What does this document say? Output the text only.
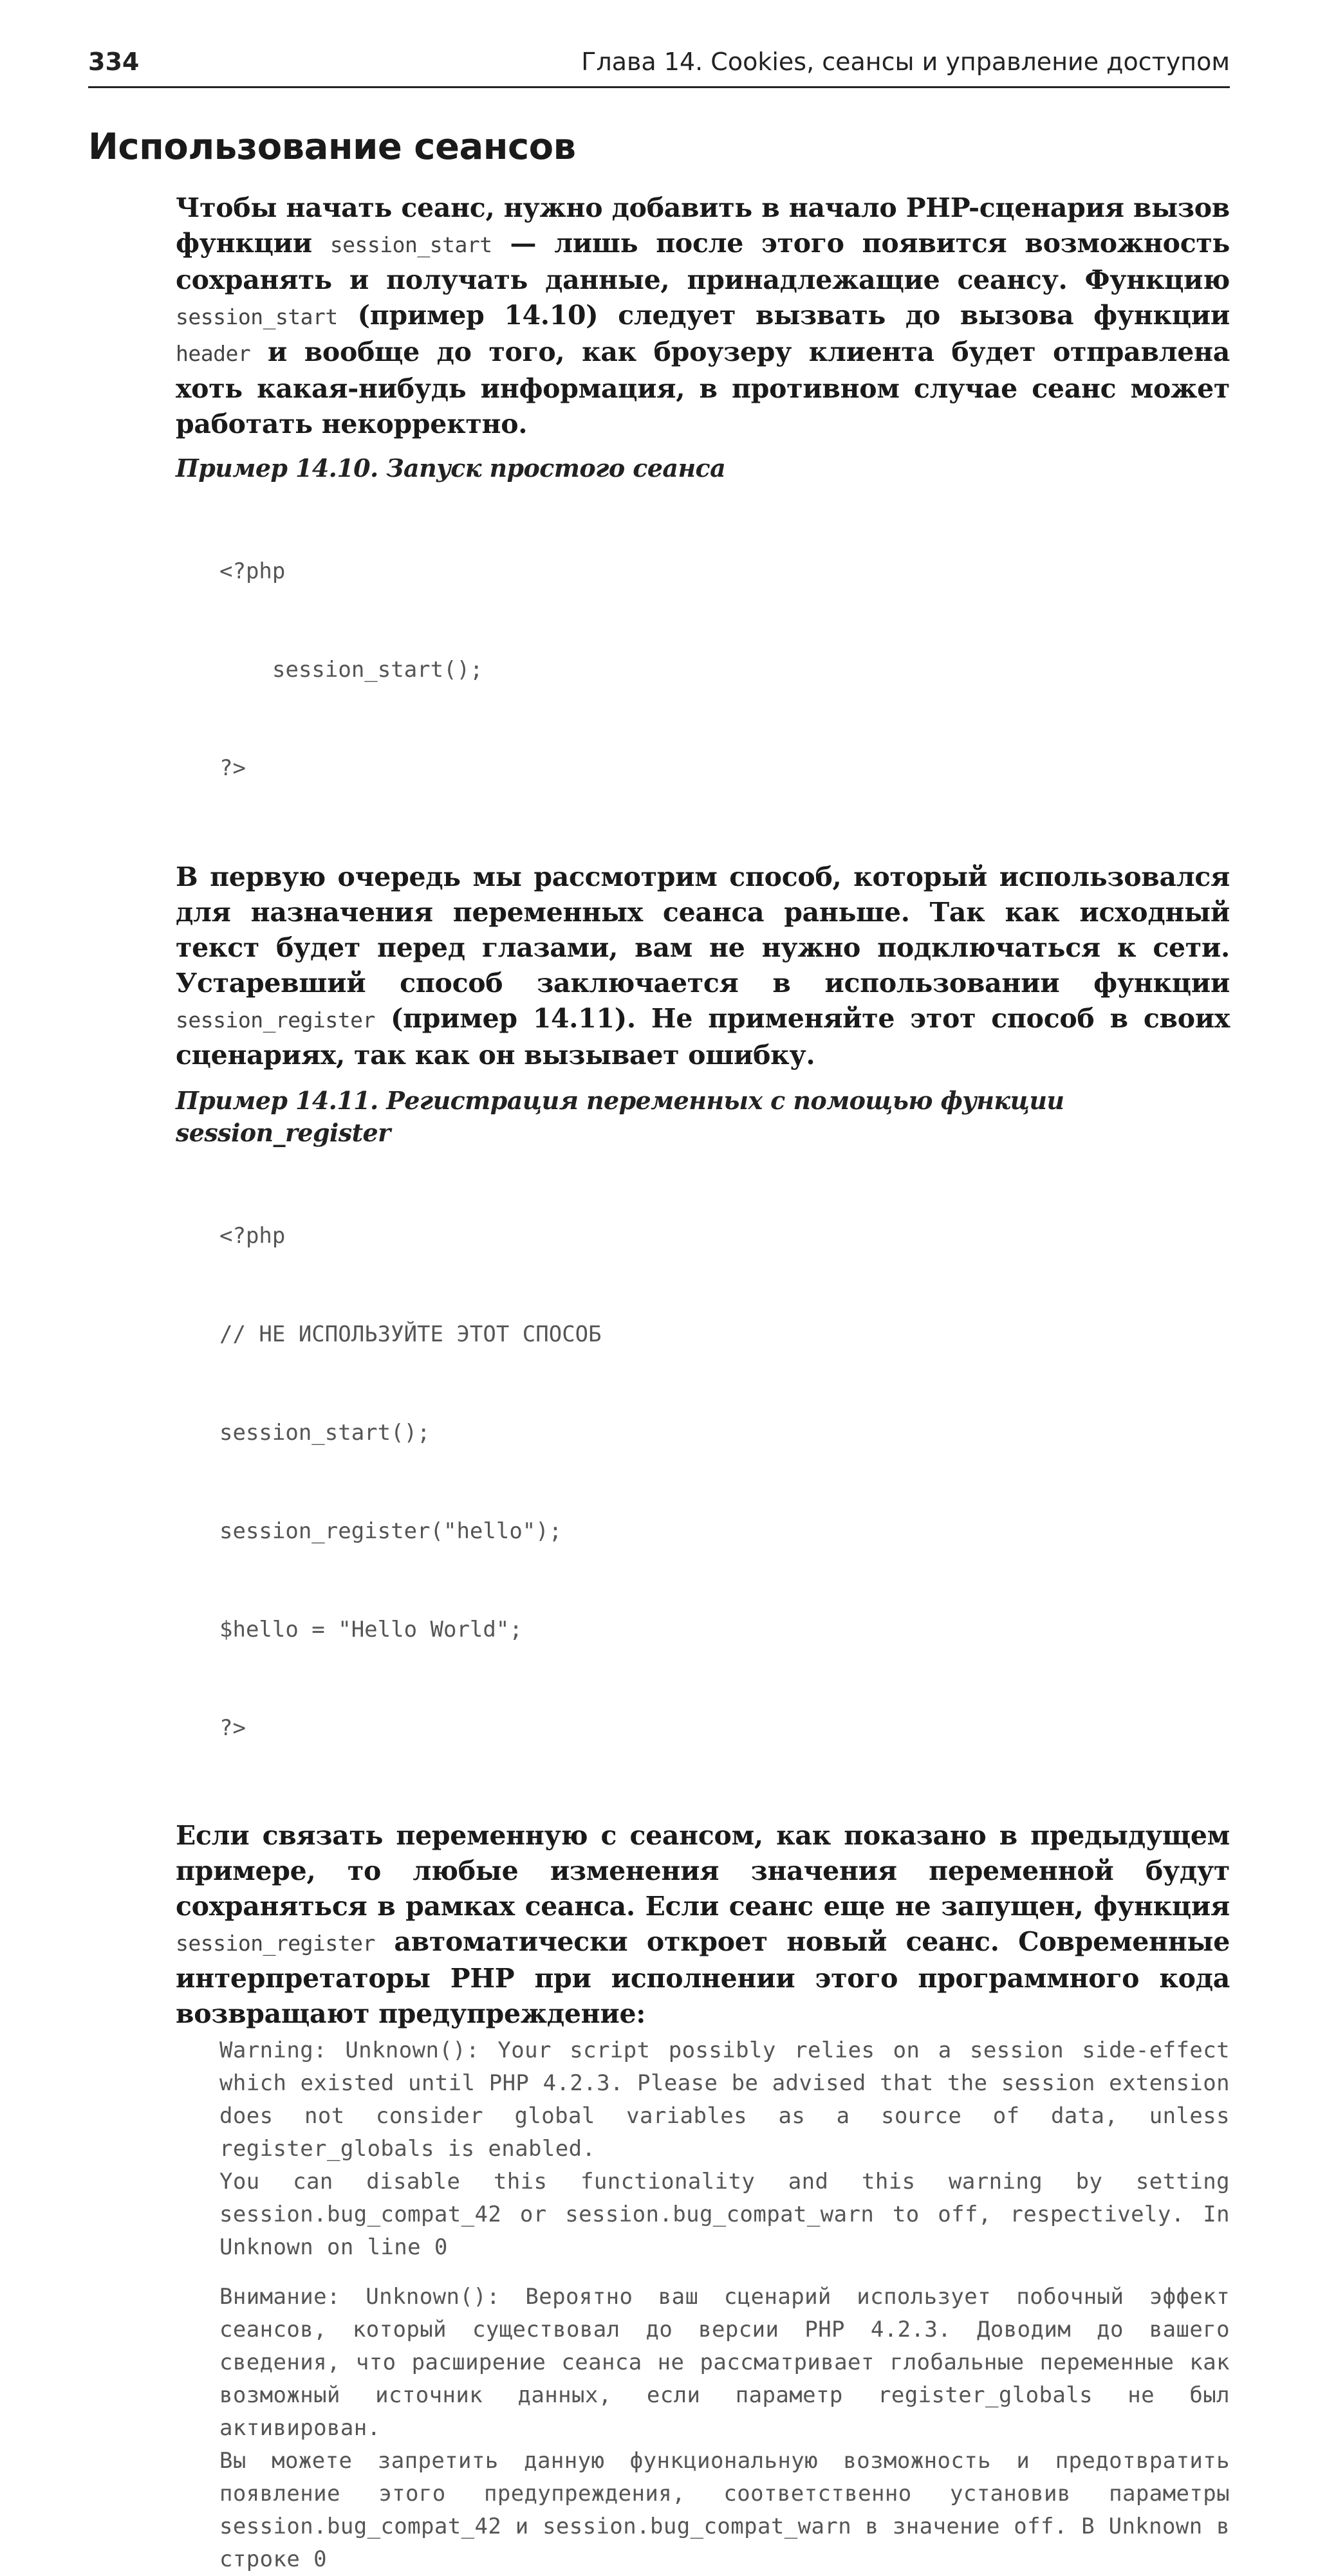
334	Глава 14. Cookies, сеансы и управление доступом
Использование сеансов

Чтобы начать сеанс, нужно добавить в начало PHP-сценария вызов функции session_start — лишь после этого появится возможность сохранять и получать данные, принадлежащие сеансу. Функцию session_start (пример 14.10) следует вызвать до вызова функции header и вообще до того, как броузеру клиента будет отправлена хоть какая-нибудь информация, в противном случае сеанс может работать некорректно.

Пример 14.10. Запуск простого сеанса

<?php

session_start();

?>

В первую очередь мы рассмотрим способ, который использовался для назначения переменных сеанса раньше. Так как исходный текст будет перед глазами, вам не нужно подключаться к сети. Устаревший способ заключается в использовании функции session_register (пример 14.11). Не применяйте этот способ в своих сценариях, так как он вызывает ошибку.

Пример 14.11. Регистрация переменных с помощью функции session_register

<?php

// НЕ ИСПОЛЬЗУЙТЕ ЭТОТ СПОСОБ

session_start();

session_register("hello");

$hello = "Hello World";

?>

Если связать переменную с сеансом, как показано в предыдущем примере, то любые изменения значения переменной будут сохраняться в рамках сеанса. Если сеанс еще не запущен, функция session_register автоматически откроет новый сеанс. Современные интерпретаторы PHP при исполнении этого программного кода возвращают предупреждение:

Warning: Unknown(): Your script possibly relies on a session side-effect which existed until PHP 4.2.3. Please be advised that the session extension does not consider global variables as a source of data, unless register_globals is enabled.
You can disable this functionality and this warning by setting session.bug_compat_42 or session.bug_compat_warn to off, respectively. In Unknown on line 0
Внимание: Unknown(): Вероятно ваш сценарий использует побочный эффект сеансов, который существовал до версии PHP 4.2.3. Доводим до вашего сведения, что расширение сеанса не рассматривает глобальные переменные как возможный источник данных, если параметр register_globals не был активирован.
Вы можете запретить данную функциональную возможность и предотвратить появление этого предупреждения, соответственно установив параметры session.bug_compat_42 и session.bug_compat_warn в значение off. В Unknown в строке 0
